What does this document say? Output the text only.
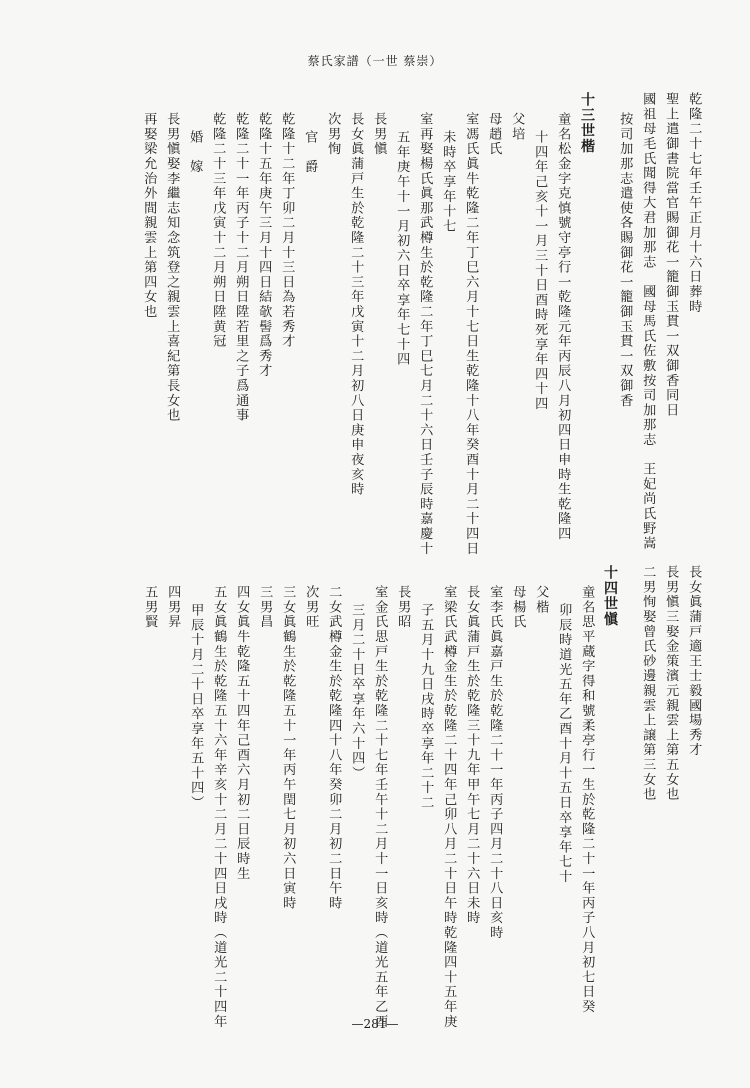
蔡氏家譜（一世 蔡崇）
乾隆二十七年壬午正月十六日葬時
聖上遣御書院當官賜御花一籠御玉貫一双御香同日
國祖母毛氏聞得大君加那志　國母馬氏佐敷按司加那志　王妃尚氏野嵩
按司加那志遣使各賜御花一籠御玉貫一双御香
十三世楷
童名松金字克慎號守亭行一乾隆元年丙辰八月初四日申時生乾隆四
十四年己亥十一月三十日酉時死享年四十四
父培
母趙氏
室馮氏眞牛乾隆二年丁巳六月十七日生乾隆十八年癸酉十月二十四日
未時卒享年十七
室再娶楊氏眞那武樽生於乾隆二年丁巳七月二十六日壬子辰時嘉慶十
五年庚午十一月初六日卒享年七十四
長男愼
長女眞蒲戸生於乾隆二十三年戊寅十二月初八日庚申夜亥時
次男恂
官　爵
乾隆十二年丁卯二月十三日為若秀才
乾隆十五年庚午三月十四日結欹髻爲秀才
乾隆二十一年丙子十二月朔日陞若里之子爲通事
乾隆二十三年戊寅十二月朔日陞黄冠
婚　嫁
長男愼娶李繼志知念筑登之親雲上喜紀第長女也
再娶梁允治外間親雲上第四女也
長女眞蒲戸適王士毅國場秀才
長男愼三娶金策濱元親雲上第五女也
二男恂娶曾氏砂邊親雲上譲第三女也
十四世愼
童名思平蔵字得和號柔亭行一生於乾隆二十一年丙子八月初七日癸
卯辰時道光五年乙酉十月十五日卒享年七十
父楷
母楊氏
室李氏眞嘉戸生於乾隆二十一年丙子四月二十八日亥時
長女眞蒲戸生於乾隆三十九年甲午七月二十六日未時
室梁氏武樽金生於乾隆二十四年己卯八月二十日午時乾隆四十五年庚
子五月十九日戌時卒享年二十二
長男昭
室金氏思戸生於乾隆二十七年壬午十二月十一日亥時（道光五年乙酉
三月二十日卒享年六十四）
二女武樽金生於乾隆四十八年癸卯二月初二日午時
次男旺
三女眞鶴生於乾隆五十一年丙午閏七月初六日寅時
三男昌
四女眞牛乾隆五十四年己酉六月初二日辰時生
五女眞鶴生於乾隆五十六年辛亥十二月二十四日戌時（道光二十四年
甲辰十月二十日卒享年五十四）
四男昇
五男賢
—281—
